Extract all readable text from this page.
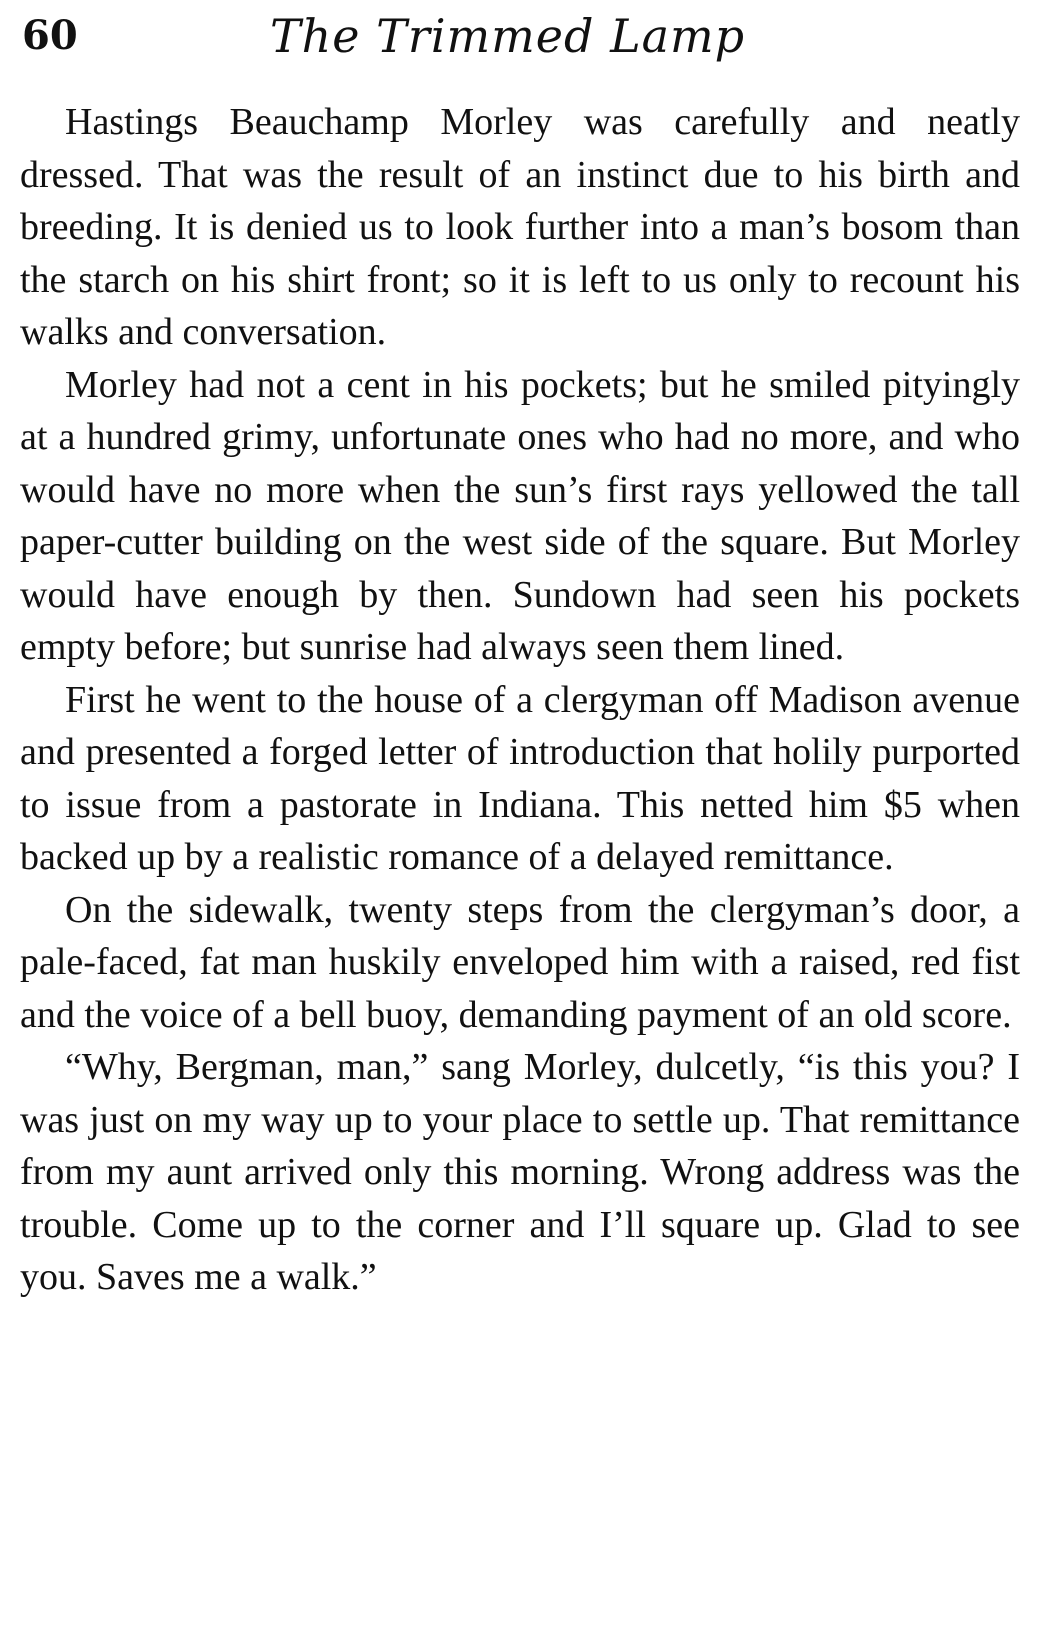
60	The Trimmed Lamp

Hastings Beauchamp Morley was carefully and neatly dressed. That was the result of an instinct due to his birth and breeding. It is denied us to look further into a man’s bosom than the starch on his shirt front; so it is left to us only to recount his walks and conversation.

Morley had not a cent in his pockets; but he smiled pityingly at a hundred grimy, unfortunate ones who had no more, and who would have no more when the sun’s first rays yellowed the tall paper-cutter building on the west side of the square. But Morley would have enough by then. Sundown had seen his pockets empty before; but sunrise had always seen them lined.

First he went to the house of a clergyman off Madison avenue and presented a forged letter of introduction that holily purported to issue from a pastorate in Indiana. This netted him $5 when backed up by a realistic romance of a delayed remittance.

On the sidewalk, twenty steps from the clergyman’s door, a pale-faced, fat man huskily enveloped him with a raised, red fist and the voice of a bell buoy, demanding payment of an old score.

“Why, Bergman, man,” sang Morley, dulcetly, “is this you? I was just on my way up to your place to settle up. That remittance from my aunt arrived only this morning. Wrong address was the trouble. Come up to the corner and I’ll square up. Glad to see you. Saves me a walk.”
